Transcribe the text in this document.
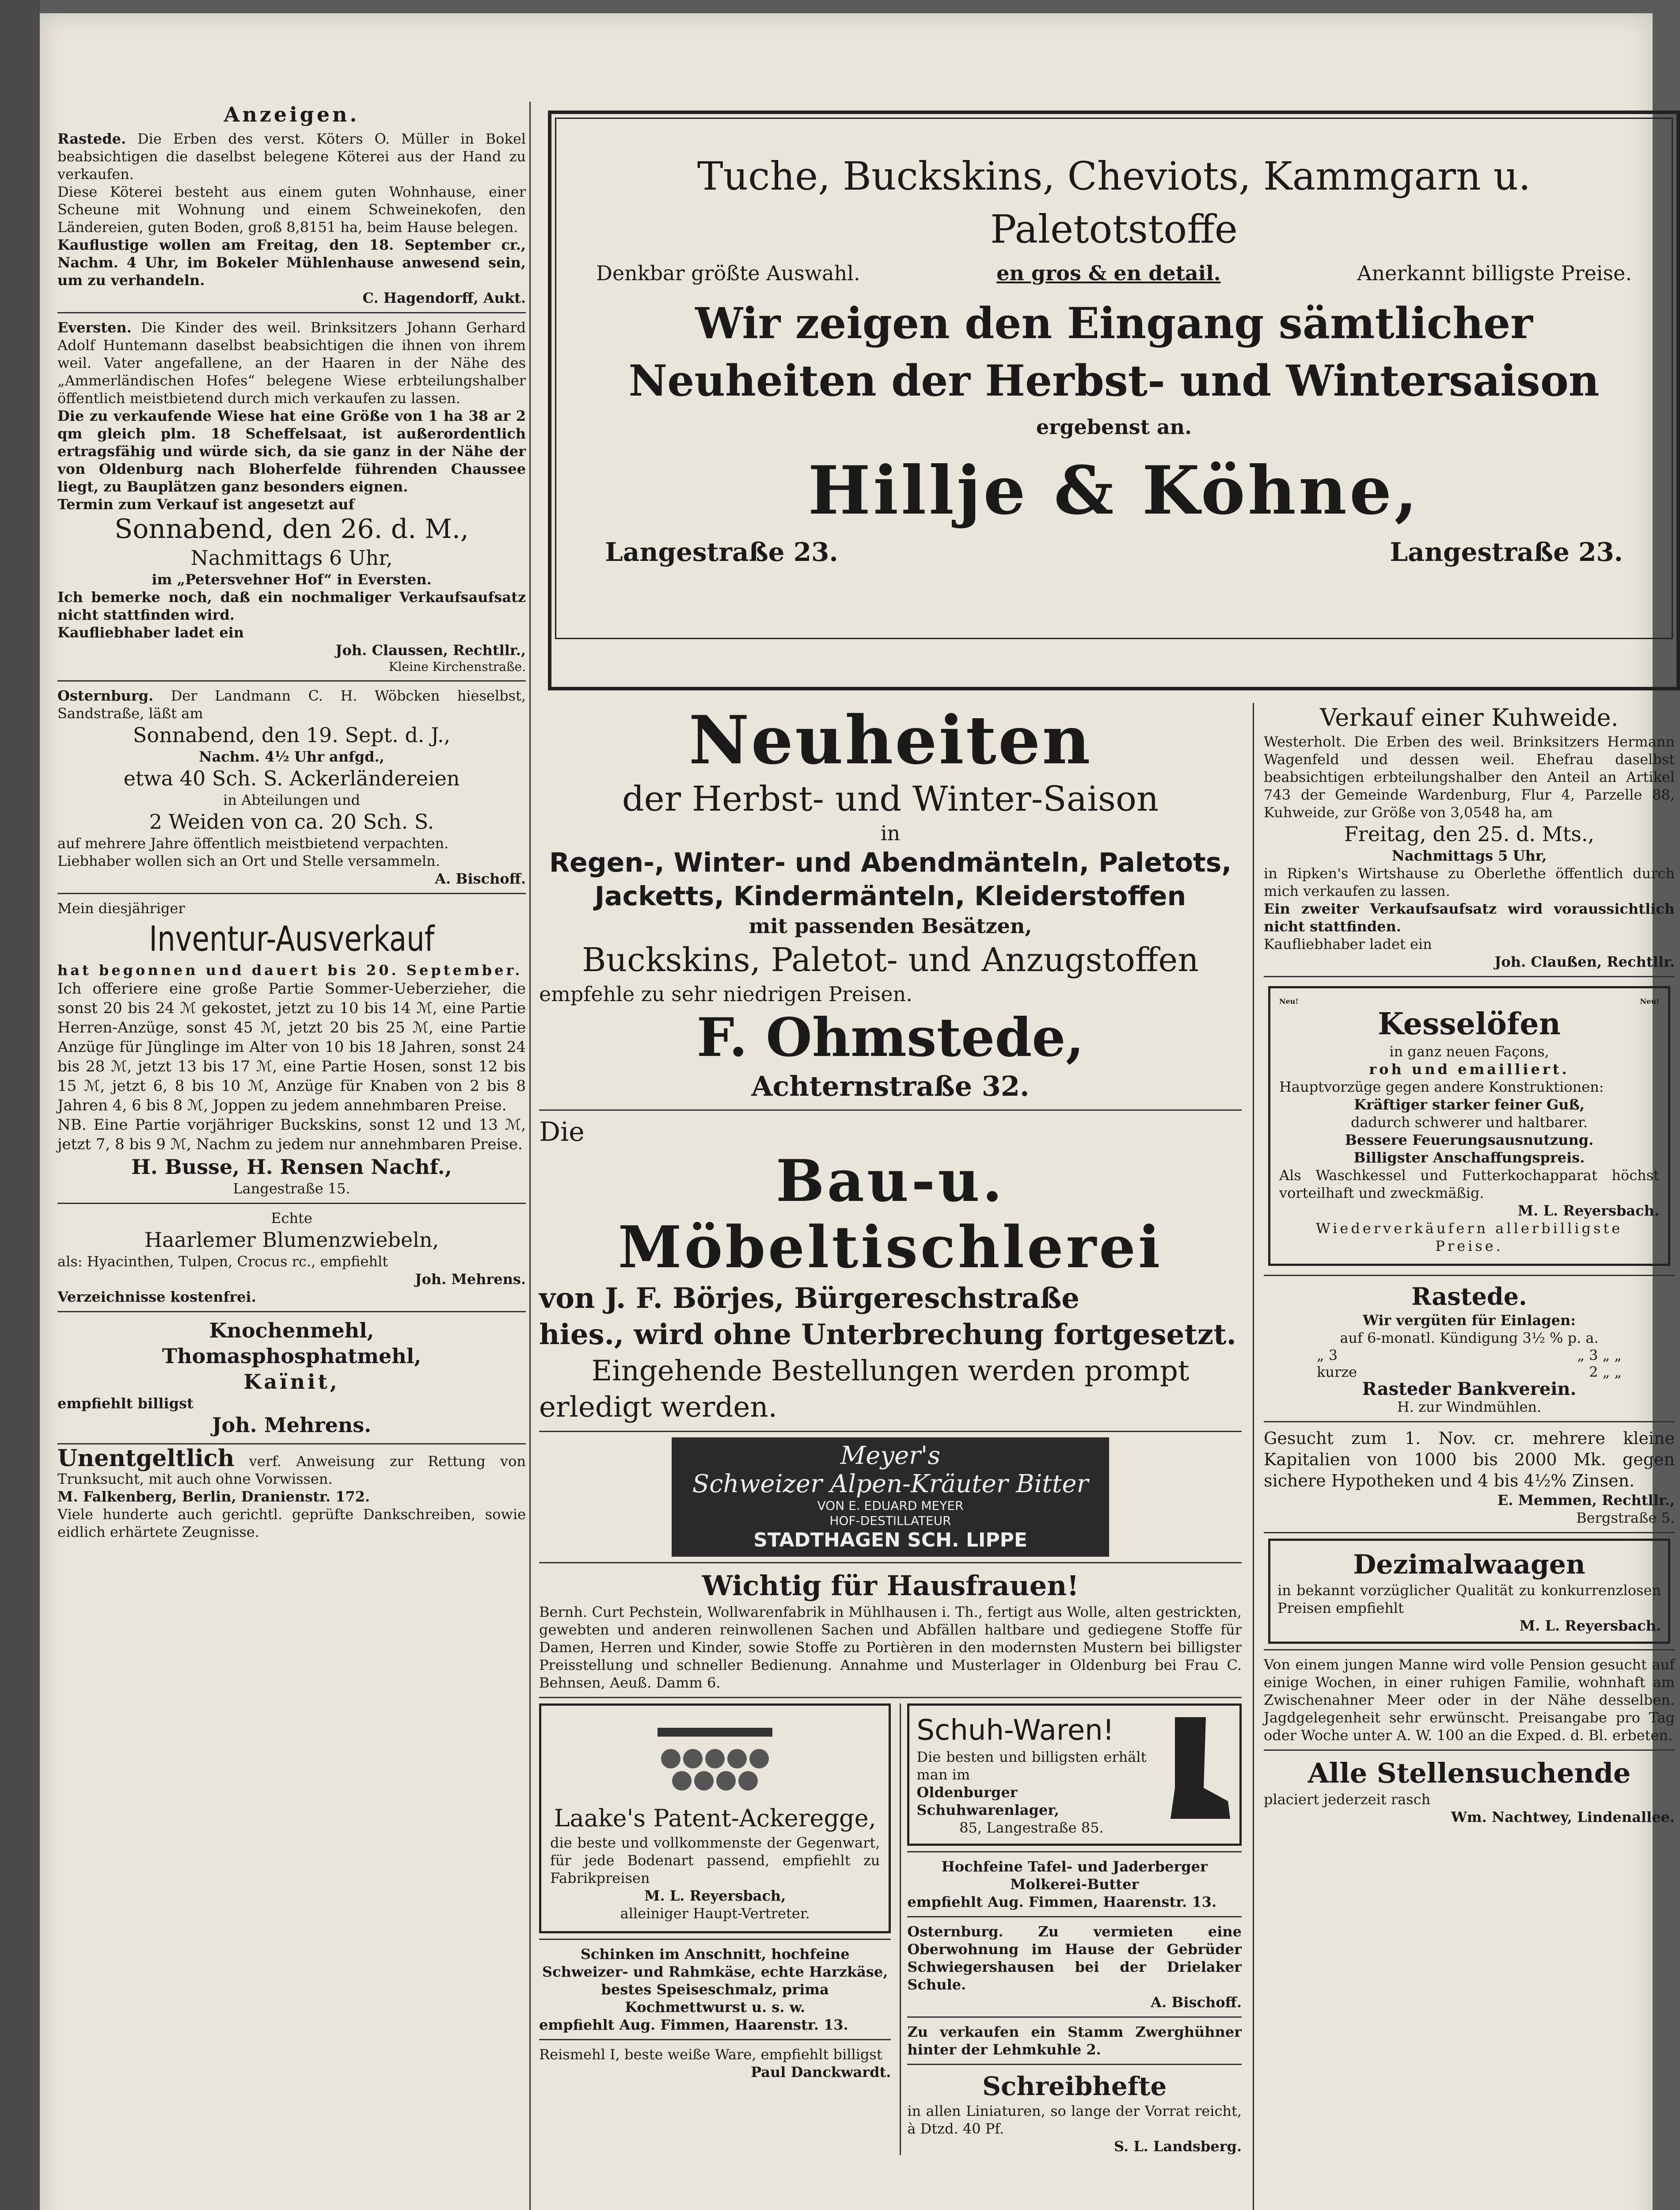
Anzeigen.

Rastede. Die Erben des verst. Köters O. Müller in Bokel beabsichtigen die daselbst belegene Köterei aus der Hand zu verkaufen.

Diese Köterei besteht aus einem guten Wohnhause, einer Scheune mit Wohnung und einem Schweinekofen, den Ländereien, guten Boden, groß 8,8151 ha, beim Hause belegen.

Kauflustige wollen am Freitag, den 18. September cr., Nachm. 4 Uhr, im Bokeler Mühlenhause anwesend sein, um zu verhandeln.

C. Hagendorff, Aukt.

Eversten. Die Kinder des weil. Brinksitzers Johann Gerhard Adolf Huntemann daselbst beabsichtigen die ihnen von ihrem weil. Vater angefallene, an der Haaren in der Nähe des „Ammerländischen Hofes“ belegene Wiese erbteilungshalber öffentlich meistbietend durch mich verkaufen zu lassen.

Die zu verkaufende Wiese hat eine Größe von 1 ha 38 ar 2 qm gleich plm. 18 Scheffelsaat, ist außerordentlich ertragsfähig und würde sich, da sie ganz in der Nähe der von Oldenburg nach Bloherfelde führenden Chaussee liegt, zu Bauplätzen ganz besonders eignen.

Termin zum Verkauf ist angesetzt auf

Sonnabend, den 26. d. M.,
Nachmittags 6 Uhr,

im „Petersvehner Hof“ in Eversten.

Ich bemerke noch, daß ein nochmaliger Verkaufsaufsatz nicht stattfinden wird.

Kaufliebhaber ladet ein

Joh. Claussen, Rechtllr.,

Kleine Kirchenstraße.

Osternburg. Der Landmann C. H. Wöbcken hieselbst, Sandstraße, läßt am

Sonnabend, den 19. Sept. d. J.,

Nachm. 4½ Uhr anfgd.,

etwa 40 Sch. S. Ackerländereien

in Abteilungen und

2 Weiden von ca. 20 Sch. S.

auf mehrere Jahre öffentlich meistbietend verpachten.

Liebhaber wollen sich an Ort und Stelle versammeln.

A. Bischoff.

Mein diesjähriger

Inventur-Ausverkauf

hat begonnen und dauert bis 20. September.

Ich offeriere eine große Partie Sommer-Ueberzieher, die sonst 20 bis 24 ℳ gekostet, jetzt zu 10 bis 14 ℳ, eine Partie Herren-Anzüge, sonst 45 ℳ, jetzt 20 bis 25 ℳ, eine Partie Anzüge für Jünglinge im Alter von 10 bis 18 Jahren, sonst 24 bis 28 ℳ, jetzt 13 bis 17 ℳ, eine Partie Hosen, sonst 12 bis 15 ℳ, jetzt 6, 8 bis 10 ℳ, Anzüge für Knaben von 2 bis 8 Jahren 4, 6 bis 8 ℳ, Joppen zu jedem annehmbaren Preise.

NB. Eine Partie vorjähriger Buckskins, sonst 12 und 13 ℳ, jetzt 7, 8 bis 9 ℳ, Nachm zu jedem nur annehmbaren Preise.

H. Busse, H. Rensen Nachf.,

Langestraße 15.

Echte

Haarlemer Blumenzwiebeln,

als: Hyacinthen, Tulpen, Crocus rc., empfiehlt

Joh. Mehrens.

Verzeichnisse kostenfrei.

Knochenmehl,
Thomasphosphatmehl,
Kaïnit,

empfiehlt billigst

Joh. Mehrens.

Unentgeltlich verf. Anweisung zur Rettung von Trunksucht, mit auch ohne Vorwissen.

M. Falkenberg, Berlin, Dranienstr. 172.

Viele hunderte auch gerichtl. geprüfte Dankschreiben, sowie eidlich erhärtete Zeugnisse.

Tuche, Buckskins, Cheviots, Kammgarn u. Paletotstoffe
Denkbar größte Auswahl.	en gros & en detail.	Anerkannt billigste Preise.
Wir zeigen den Eingang sämtlicher
Neuheiten der Herbst- und Wintersaison
ergebenst an.
Hillje & Köhne,
Langestraße 23.	Langestraße 23.
Neuheiten
der Herbst- und Winter-Saison
in
Regen-, Winter- und Abendmänteln, Paletots,
Jacketts, Kindermänteln, Kleiderstoffen
mit passenden Besätzen,
Buckskins, Paletot- und Anzugstoffen
empfehle zu sehr niedrigen Preisen.
F. Ohmstede,
Achternstraße 32.
Die
Bau-u. Möbeltischlerei
von J. F. Börjes, Bürgereschstraße
hies., wird ohne Unterbrechung fortgesetzt.
Eingehende Bestellungen werden prompt
erledigt werden.
Meyer's
Schweizer Alpen-Kräuter Bitter
VON E. EDUARD MEYER
HOF-DESTILLATEUR
STADTHAGEN SCH. LIPPE
Wichtig für Hausfrauen!

Bernh. Curt Pechstein, Wollwarenfabrik in Mühlhausen i. Th., fertigt aus Wolle, alten gestrickten, gewebten und anderen reinwollenen Sachen und Abfällen haltbare und gediegene Stoffe für Damen, Herren und Kinder, sowie Stoffe zu Portièren in den modernsten Mustern bei billigster Preisstellung und schneller Bedienung. Annahme und Musterlager in Oldenburg bei Frau C. Behnsen, Aeuß. Damm 6.

Laake's Patent-Ackeregge,

die beste und vollkommenste der Gegenwart, für jede Bodenart passend, empfiehlt zu Fabrikpreisen

M. L. Reyersbach,

alleiniger Haupt-Vertreter.

Schinken im Anschnitt, hochfeine Schweizer- und Rahmkäse, echte Harzkäse, bestes Speiseschmalz, prima Kochmettwurst u. s. w.

empfiehlt Aug. Fimmen, Haarenstr. 13.

Reismehl I, beste weiße Ware, empfiehlt billigst

Paul Danckwardt.

Schuh-Waren!

Die besten und billigsten erhält man im

Oldenburger Schuhwarenlager,

85, Langestraße 85.

Hochfeine Tafel- und Jaderberger Molkerei-Butter

empfiehlt Aug. Fimmen, Haarenstr. 13.

Osternburg. Zu vermieten eine Oberwohnung im Hause der Gebrüder Schwiegershausen bei der Drielaker Schule.

A. Bischoff.

Zu verkaufen ein Stamm Zwerghühner hinter der Lehmkuhle 2.

Schreibhefte

in allen Liniaturen, so lange der Vorrat reicht, à Dtzd. 40 Pf.

S. L. Landsberg.

Verkauf einer Kuhweide.

Westerholt. Die Erben des weil. Brinksitzers Hermann Wagenfeld und dessen weil. Ehefrau daselbst beabsichtigen erbteilungshalber den Anteil an Artikel 743 der Gemeinde Wardenburg, Flur 4, Parzelle 88, Kuhweide, zur Größe von 3,0548 ha, am

Freitag, den 25. d. Mts.,

Nachmittags 5 Uhr,

in Ripken's Wirtshause zu Oberlethe öffentlich durch mich verkaufen zu lassen.

Ein zweiter Verkaufsaufsatz wird voraussichtlich nicht stattfinden.

Kaufliebhaber ladet ein

Joh. Claußen, Rechtllr.

Neu!	Neu!
Kesselöfen

in ganz neuen Façons,

roh und emailliert.

Hauptvorzüge gegen andere Konstruktionen:

Kräftiger starker feiner Guß,

dadurch schwerer und haltbarer.

Bessere Feuerungsausnutzung.

Billigster Anschaffungspreis.

Als Waschkessel und Futterkochapparat höchst vorteilhaft und zweckmäßig.

M. L. Reyersbach.

Wiederverkäufern allerbilligste Preise.

Rastede.

Wir vergüten für Einlagen:

auf 6-monatl. Kündigung 3½ % p. a.

„ 3	„ 3 „ „
kurze	2 „ „

Rasteder Bankverein.

H. zur Windmühlen.

Gesucht zum 1. Nov. cr. mehrere kleine Kapitalien von 1000 bis 2000 Mk. gegen sichere Hypotheken und 4 bis 4½% Zinsen.

E. Memmen, Rechtllr.,

Bergstraße 5.

Dezimalwaagen

in bekannt vorzüglicher Qualität zu konkurrenzlosen Preisen empfiehlt

M. L. Reyersbach.

Von einem jungen Manne wird volle Pension gesucht auf einige Wochen, in einer ruhigen Familie, wohnhaft am Zwischenahner Meer oder in der Nähe desselben. Jagdgelegenheit sehr erwünscht. Preisangabe pro Tag oder Woche unter A. W. 100 an die Exped. d. Bl. erbeten.

Alle Stellensuchende

placiert jederzeit rasch

Wm. Nachtwey, Lindenallee.
